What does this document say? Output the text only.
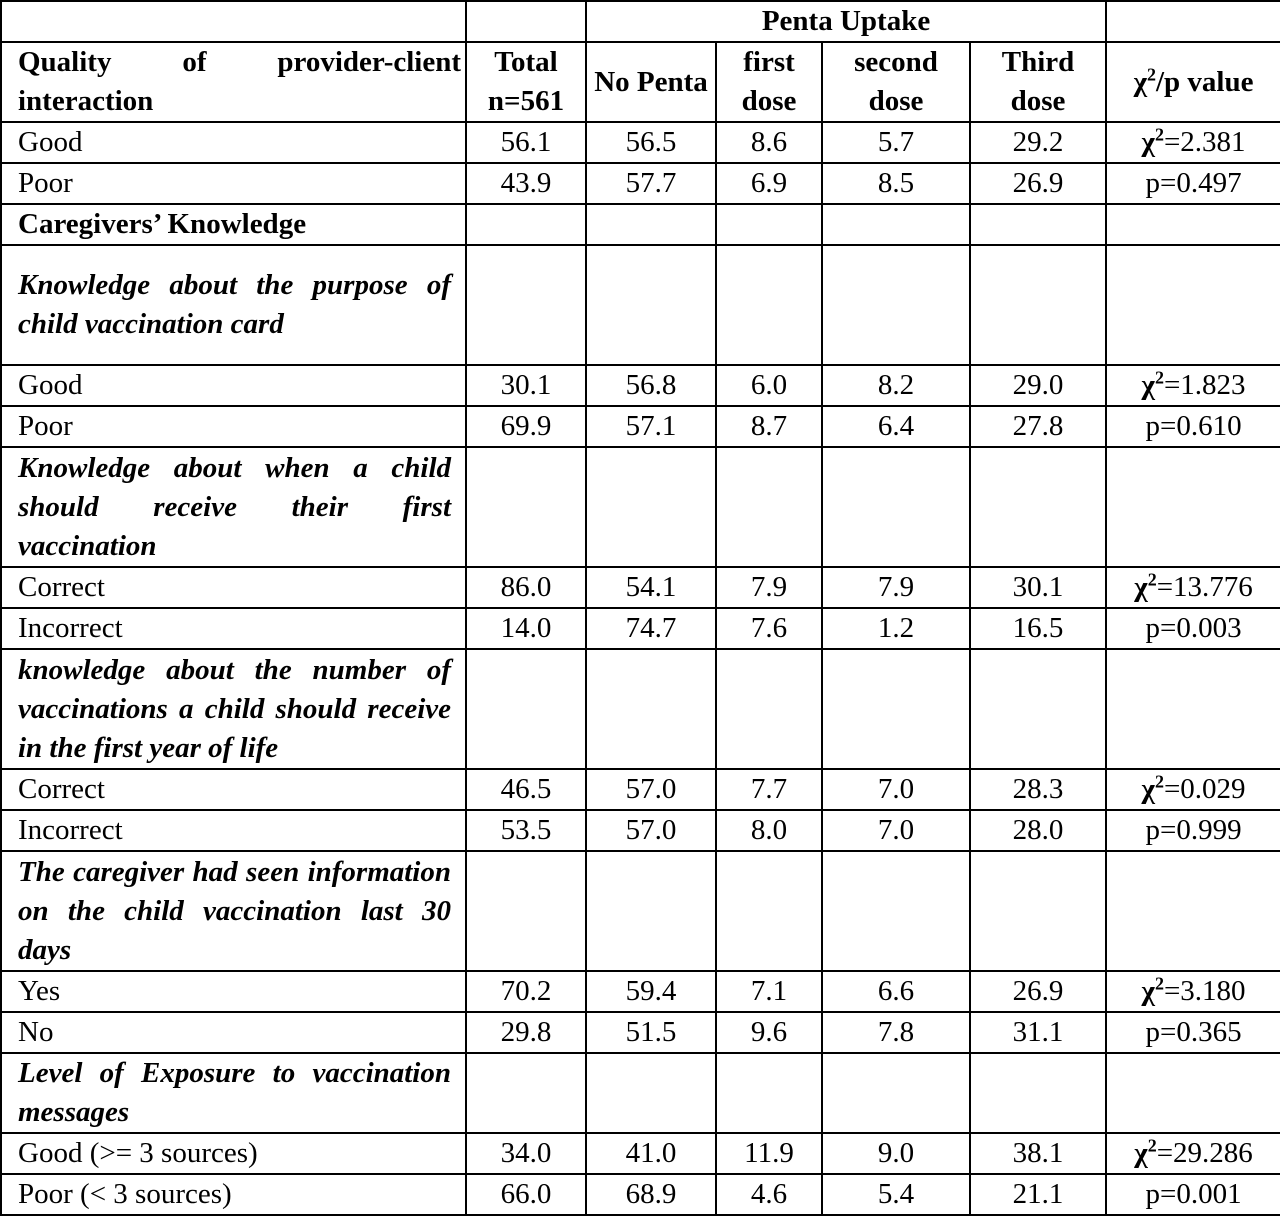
		Penta Uptake				
Quality of provider-client interaction	Total n=561	No Penta	first dose	second dose	Third dose	$\chi^2/p$ value
Good	56.1	56.5	8.6	5.7	29.2	$\chi^2=2.381$
Poor	43.9	57.7	6.9	8.5	26.9	p=0.497
Caregivers’ Knowledge						
Knowledge about the purpose of child vaccination card						
Good	30.1	56.8	6.0	8.2	29.0	$\chi^2=1.823$
Poor	69.9	57.1	8.7	6.4	27.8	p=0.610
Knowledge about when a child should receive their first vaccination						
Correct	86.0	54.1	7.9	7.9	30.1	$\chi^2=13.776$
Incorrect	14.0	74.7	7.6	1.2	16.5	p=0.003
knowledge about the number of vaccinations a child should receive in the first year of life						
Correct	46.5	57.0	7.7	7.0	28.3	$\chi^2=0.029$
Incorrect	53.5	57.0	8.0	7.0	28.0	p=0.999
The caregiver had seen information on the child vaccination last 30 days						
Yes	70.2	59.4	7.1	6.6	26.9	$\chi^2=3.180$
No	29.8	51.5	9.6	7.8	31.1	p=0.365
Level of Exposure to vaccination messages						
Good (>= 3 sources)	34.0	41.0	11.9	9.0	38.1	$\chi^2=29.286$
Poor (< 3 sources)	66.0	68.9	4.6	5.4	21.1	p=0.001
